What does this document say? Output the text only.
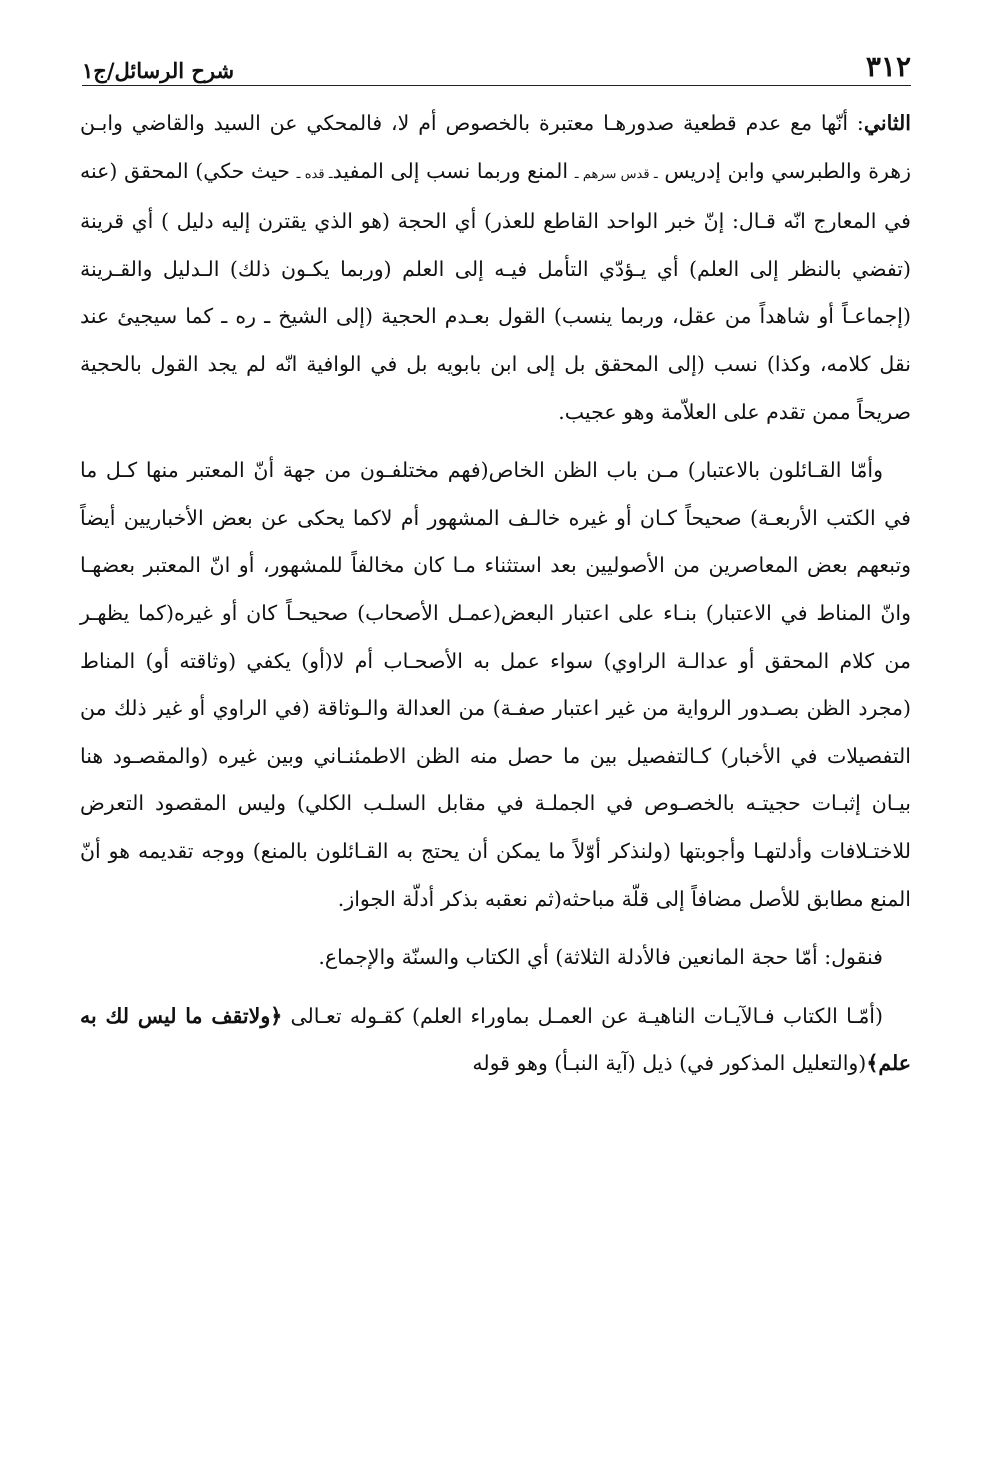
٣١٢
شرح الرسائل/ج١

الثاني: أنّها مع عدم قطعية صدورهـا معتبرة بالخصوص أم لا، فالمحكي عن السيد والقاضي وابـن زهرة والطبرسي وابن إدريس ـ قدس سرهم ـ المنع وربما نسب إلى المفيدـ قده ـ حيث حكي) المحقق (عنه في المعارج انّه قـال: إنّ خبر الواحد القاطع للعذر) أي الحجة (هو الذي يقترن إليه دليل ) أي قرينة (تفضي بالنظر إلى العلم) أي يـؤدّي التأمل فيـه إلى العلم (وربما يكـون ذلك) الـدليل والقـرينة (إجماعـاً أو شاهداً من عقل، وربما ينسب) القول بعـدم الحجية (إلى الشيخ ـ ره ـ كما سيجيئ عند نقل كلامه، وكذا) نسب (إلى المحقق بل إلى ابن بابويه بل في الوافية انّه لم يجد القول بالحجية صريحاً ممن تقدم على العلاّمة وهو عجيب.

وأمّا القـائلون بالاعتبار) مـن باب الظن الخاص(فهم مختلفـون من جهة أنّ المعتبر منها كـل ما في الكتب الأربعـة) صحيحاً كـان أو غيره خالـف المشهور أم لاكما يحكى عن بعض الأخباريين أيضاً وتبعهم بعض المعاصرين من الأصوليين بعد استثناء مـا كان مخالفاً للمشهور، أو انّ المعتبر بعضهـا وانّ المناط في الاعتبار) بنـاء على اعتبار البعض(عمـل الأصحاب) صحيحـاً كان أو غيره(كما يظهـر من كلام المحقق أو عدالـة الراوي) سواء عمل به الأصحـاب أم لا(أو) يكفي (وثاقته أو) المناط (مجرد الظن بصـدور الرواية من غير اعتبار صفـة) من العدالة والـوثاقة (في الراوي أو غير ذلك من التفصيلات في الأخبار) كـالتفصيل بين ما حصل منه الظن الاطمئنـاني وبين غيره (والمقصـود هنا بيـان إثبـات حجيتـه بالخصـوص في الجملـة في مقابل السلـب الكلي) وليس المقصود التعرض للاختـلافات وأدلتهـا وأجوبتها (ولنذكر أوّلاً ما يمكن أن يحتج به القـائلون بالمنع) ووجه تقديمه هو أنّ المنع مطابق للأصل مضافاً إلى قلّة مباحثه(ثم نعقبه بذكر أدلّة الجواز.

فنقول: أمّا حجة المانعين فالأدلة الثلاثة) أي الكتاب والسنّة والإجماع.

(أمّـا الكتاب فـالآيـات الناهيـة عن العمـل بماوراء العلم) كقـوله تعـالى ﴿ولاتقف ما ليس لك به علم﴾(والتعليل المذكور في) ذيل (آية النبـأ) وهو قوله
